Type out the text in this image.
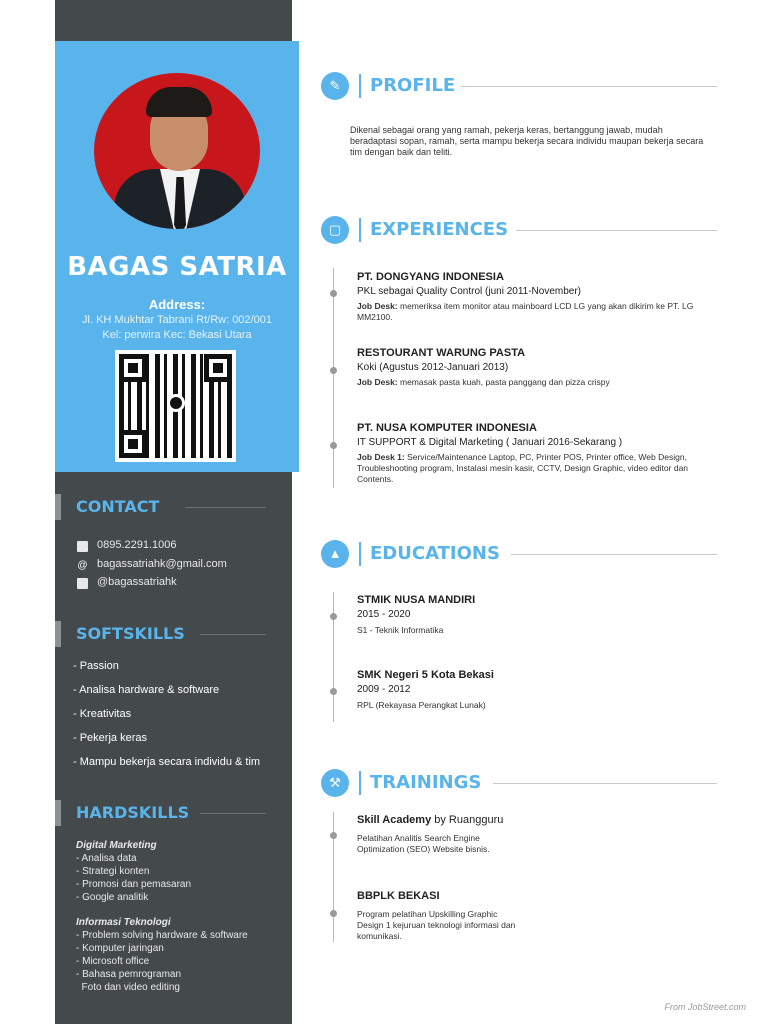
BAGAS SATRIA
Address:
Jl. KH Mukhtar Tabrani Rt/Rw: 002/001
Kel: perwira Kec: Bekasi Utara
CONTACT
0895.2291.1006
@ bagassatriahk@gmail.com
@bagassatriahk
SOFTSKILLS
- Passion
- Analisa hardware & software
- Kreativitas
- Pekerja keras
- Mampu bekerja secara individu & tim
HARDSKILLS
Digital Marketing
- Analisa data
- Strategi konten
- Promosi dan pemasaran
- Google analitik
Informasi Teknologi
- Problem solving hardware & software
- Komputer jaringan
- Microsoft office
- Bahasa pemrograman
Foto dan video editing
✎	PROFILE
Dikenal sebagai orang yang ramah, pekerja keras, bertanggung jawab, mudah beradaptasi sopan, ramah, serta mampu bekerja secara individu maupan bekerja secara tim dengan baik dan teliti.
▢	EXPERIENCES
PT. DONGYANG INDONESIA
PKL sebagai Quality Control (juni 2011-November)
Job Desk: memeriksa item monitor atau mainboard LCD LG yang akan dikirim ke PT. LG MM2100.
RESTOURANT WARUNG PASTA
Koki (Agustus 2012-Januari 2013)
Job Desk: memasak pasta kuah, pasta panggang dan pizza crispy
PT. NUSA KOMPUTER INDONESIA
IT SUPPORT & Digital Marketing ( Januari 2016-Sekarang )
Job Desk 1: Service/Maintenance Laptop, PC, Printer POS, Printer office, Web Design, Troubleshooting program, Instalasi mesin kasir, CCTV, Design Graphic, video editor dan Contents.
▲	EDUCATIONS
STMIK NUSA MANDIRI
2015 - 2020
S1 - Teknik Informatika
SMK Negeri 5 Kota Bekasi
2009 - 2012
RPL (Rekayasa Perangkat Lunak)
⚒	TRAININGS
Skill Academy by Ruangguru
Pelatihan Analitis Search Engine Optimization (SEO) Website bisnis.
BBPLK BEKASI
Program pelatihan Upskilling Graphic Design 1 kejuruan teknologi informasi dan komunikasi.
From JobStreet.com
